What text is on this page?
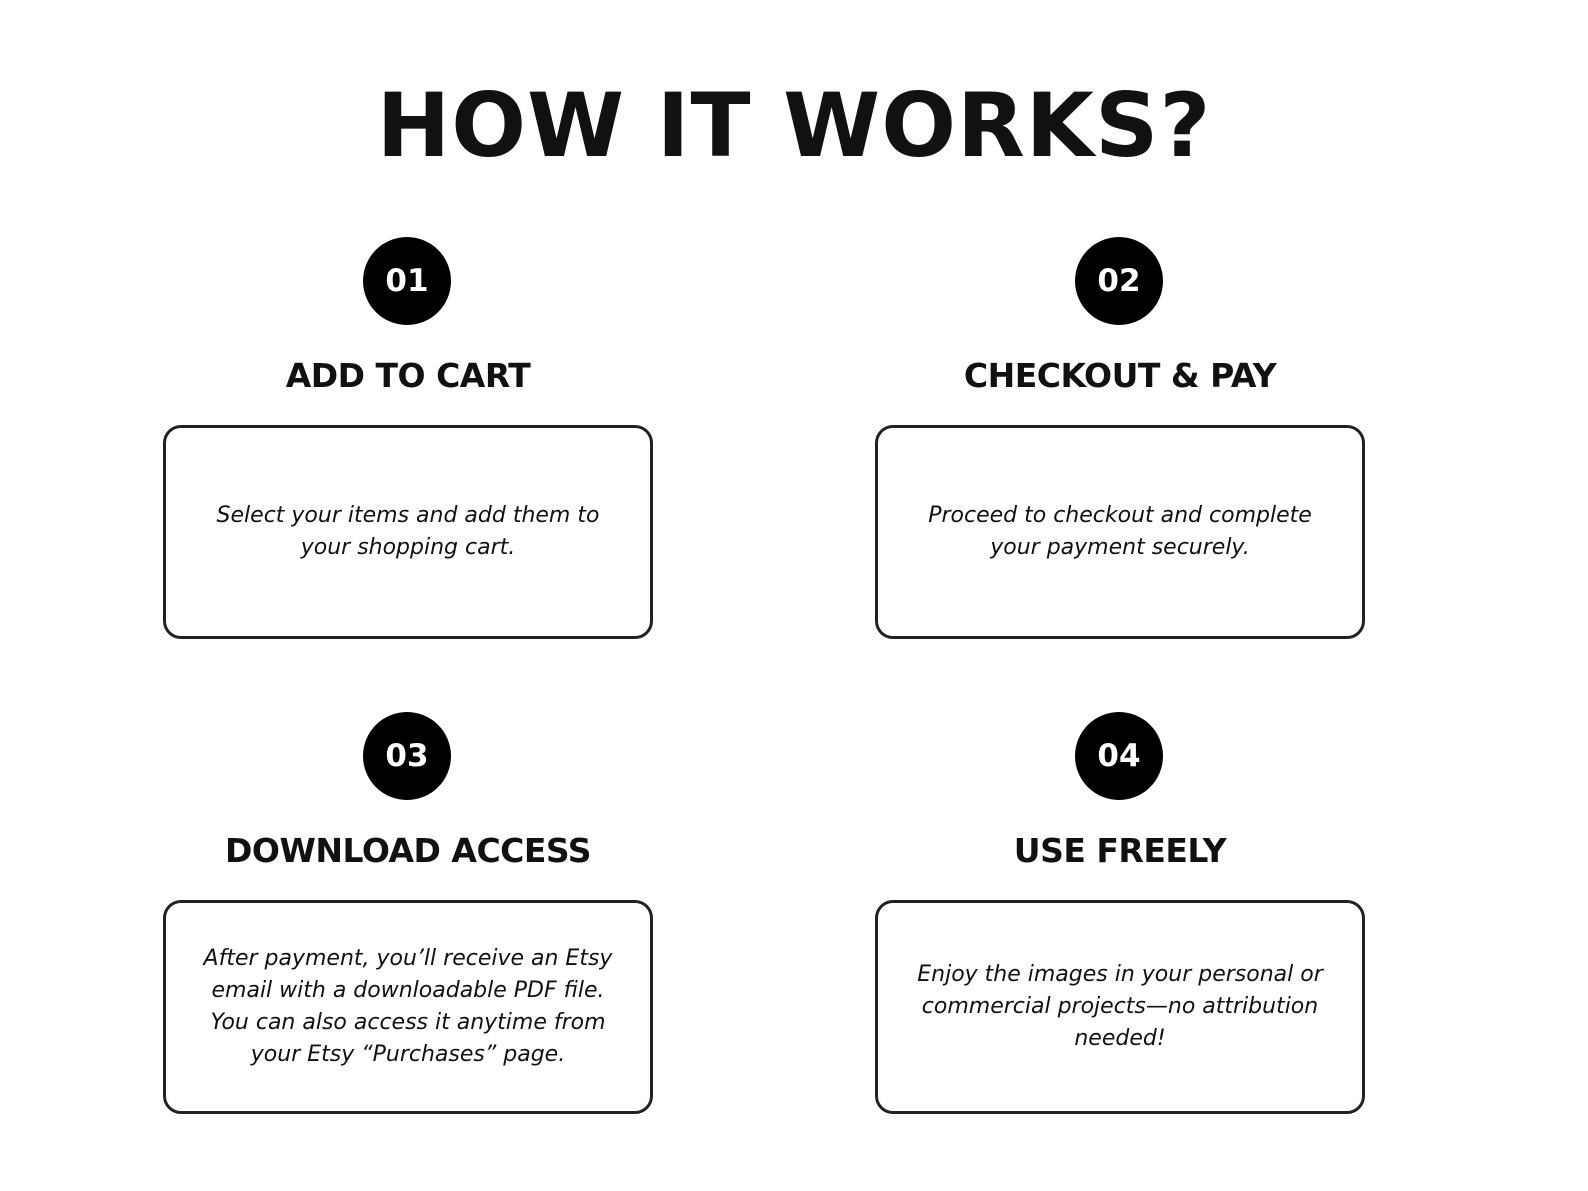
HOW IT WORKS?
01
ADD TO CART

Select your items and add them to your shopping cart.

02
CHECKOUT & PAY

Proceed to checkout and complete your payment securely.

03
DOWNLOAD ACCESS

After payment, you’ll receive an Etsy email with a downloadable PDF file. You can also access it anytime from your Etsy “Purchases” page.

04
USE FREELY

Enjoy the images in your personal or commercial projects—no attribution needed!
